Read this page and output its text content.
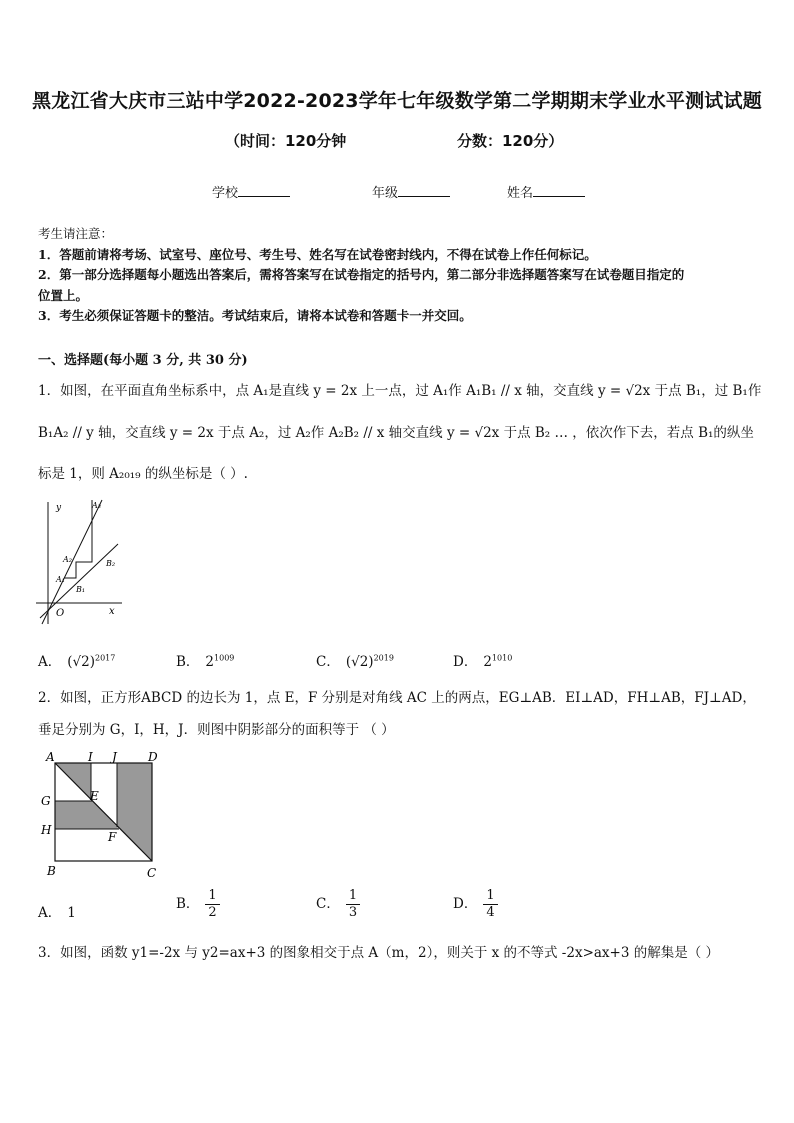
黑龙江省大庆市三站中学2022-2023学年七年级数学第二学期期末学业水平测试试题
（时间：120分钟	分数：120分）
学校	年级	姓名
考生请注意：
1．答题前请将考场、试室号、座位号、考生号、姓名写在试卷密封线内，不得在试卷上作任何标记。
2．第一部分选择题每小题选出答案后，需将答案写在试卷指定的括号内，第二部分非选择题答案写在试卷题目指定的
位置上。
3．考生必须保证答题卡的整洁。考试结束后，请将本试卷和答题卡一并交回。
一、选择题(每小题 3 分, 共 30 分)
1．如图，在平面直角坐标系中，点 A₁是直线 y = 2x 上一点，过 A₁作 A₁B₁ // x 轴，交直线 y = √2x 于点 B₁，过 B₁作
B₁A₂ // y 轴，交直线 y = 2x 于点 A₂，过 A₂作 A₂B₂ // x 轴交直线 y = √2x 于点 B₂ … ，依次作下去，若点 B₁的纵坐
标是 1，则 A₂₀₁₉ 的纵坐标是（ ）.
y	A₃
A₂	B₂
A₁
B₁
O	x
A． $(√2)^{2017}$	B． $2^{1009}$	C． $(√2)^{2019}$	D． $2^{1010}$
2．如图，正方形ABCD 的边长为 1，点 E，F 分别是对角线 AC 上的两点，EG⊥AB．EI⊥AD，FH⊥AB，FJ⊥AD，
垂足分别为 G，I，H，J．则图中阴影部分的面积等于 （ ）
A	I J	D
G	E
H	F
B	C
A． 1
B． $\frac{1}{2}$	C． $\frac{1}{3}$	D． $\frac{1}{4}$
3．如图，函数 y1=-2x 与 y2=ax+3 的图象相交于点 A（m，2），则关于 x 的不等式 -2x>ax+3 的解集是（ ）
